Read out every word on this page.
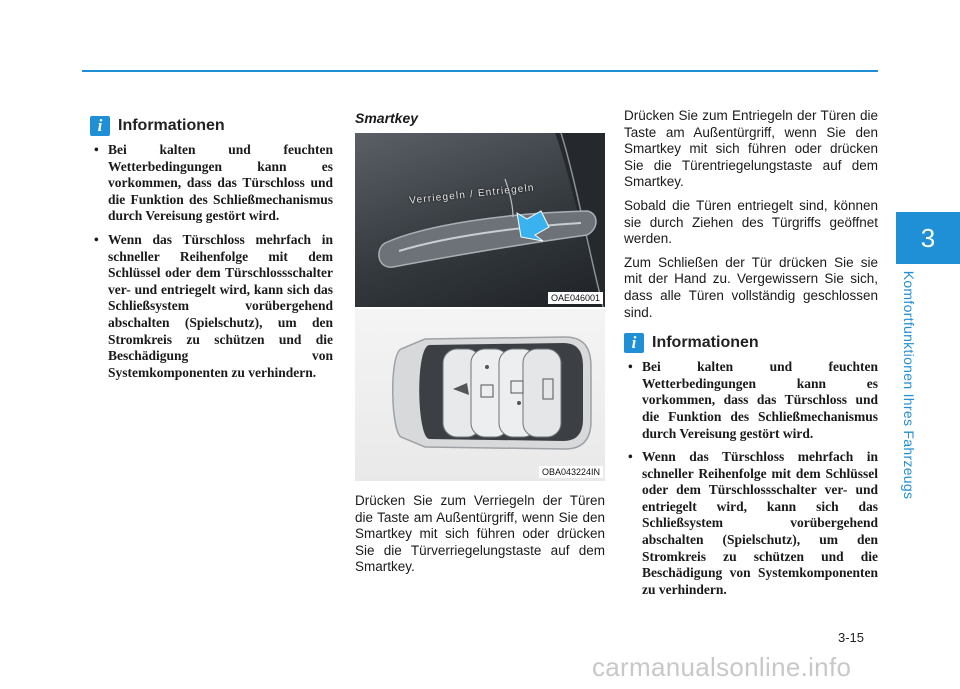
3
Komfortfunktionen Ihres Fahrzeugs
i Informationen
• Bei kalten und feuchten Wetterbedingungen kann es vorkommen, dass das Türschloss und die Funktion des Schließmechanismus durch Vereisung gestört wird.
• Wenn das Türschloss mehrfach in schneller Reihenfolge mit dem Schlüssel oder dem Türschlossschalter ver- und entriegelt wird, kann sich das Schließsystem vorübergehend abschalten (Spielschutz), um den Stromkreis zu schützen und die Beschädigung von Systemkomponenten zu verhindern.
Smartkey
Verriegeln / Entriegeln
OAE046001
OBA043224IN

Drücken Sie zum Verriegeln der Türen die Taste am Außentürgriff, wenn Sie den Smartkey mit sich führen oder drücken Sie die Türverriegelungstaste auf dem Smartkey.

Drücken Sie zum Entriegeln der Türen die Taste am Außentürgriff, wenn Sie den Smartkey mit sich führen oder drücken Sie die Türentriegelungstaste auf dem Smartkey.

Sobald die Türen entriegelt sind, können sie durch Ziehen des Türgriffs geöffnet werden.

Zum Schließen der Tür drücken Sie sie mit der Hand zu. Vergewissern Sie sich, dass alle Türen vollständig geschlossen sind.

i Informationen
• Bei kalten und feuchten Wetterbedingungen kann es vorkommen, dass das Türschloss und die Funktion des Schließmechanismus durch Vereisung gestört wird.
• Wenn das Türschloss mehrfach in schneller Reihenfolge mit dem Schlüssel oder dem Türschlossschalter ver- und entriegelt wird, kann sich das Schließsystem vorübergehend abschalten (Spielschutz), um den Stromkreis zu schützen und die Beschädigung von Systemkomponenten zu verhindern.
3-15
carmanualsonline.info
